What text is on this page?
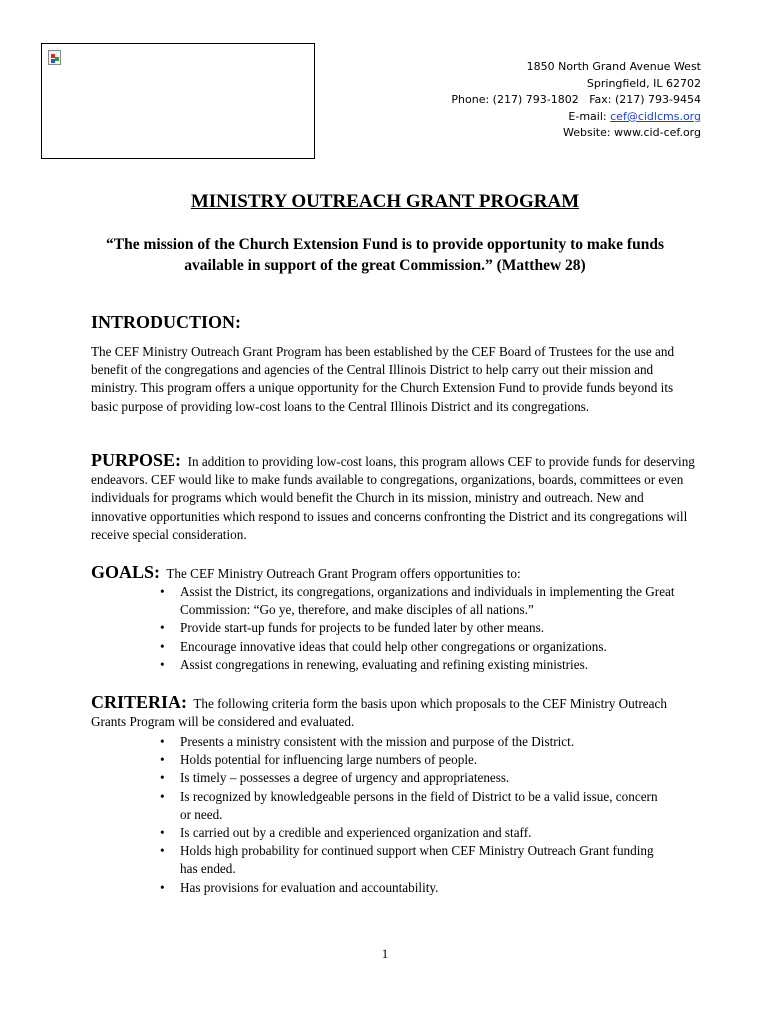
1850 North Grand Avenue West
Springfield, IL 62702
Phone: (217) 793-1802   Fax: (217) 793-9454
E-mail: cef@cidlcms.org
Website: www.cid-cef.org
MINISTRY OUTREACH GRANT PROGRAM
“The mission of the Church Extension Fund is to provide opportunity to make funds available in support of the great Commission.” (Matthew 28)
INTRODUCTION:
The CEF Ministry Outreach Grant Program has been established by the CEF Board of Trustees for the use and benefit of the congregations and agencies of the Central Illinois District to help carry out their mission and ministry. This program offers a unique opportunity for the Church Extension Fund to provide funds beyond its basic purpose of providing low-cost loans to the Central Illinois District and its congregations.
PURPOSE: In addition to providing low-cost loans, this program allows CEF to provide funds for deserving endeavors. CEF would like to make funds available to congregations, organizations, boards, committees or even individuals for programs which would benefit the Church in its mission, ministry and outreach. New and innovative opportunities which respond to issues and concerns confronting the District and its congregations will receive special consideration.
GOALS: The CEF Ministry Outreach Grant Program offers opportunities to:
• Assist the District, its congregations, organizations and individuals in implementing the Great Commission: “Go ye, therefore, and make disciples of all nations.”
• Provide start-up funds for projects to be funded later by other means.
• Encourage innovative ideas that could help other congregations or organizations.
• Assist congregations in renewing, evaluating and refining existing ministries.
CRITERIA: The following criteria form the basis upon which proposals to the CEF Ministry Outreach Grants Program will be considered and evaluated.
• Presents a ministry consistent with the mission and purpose of the District.
• Holds potential for influencing large numbers of people.
• Is timely – possesses a degree of urgency and appropriateness.
• Is recognized by knowledgeable persons in the field of District to be a valid issue, concern or need.
• Is carried out by a credible and experienced organization and staff.
• Holds high probability for continued support when CEF Ministry Outreach Grant funding has ended.
• Has provisions for evaluation and accountability.
1
